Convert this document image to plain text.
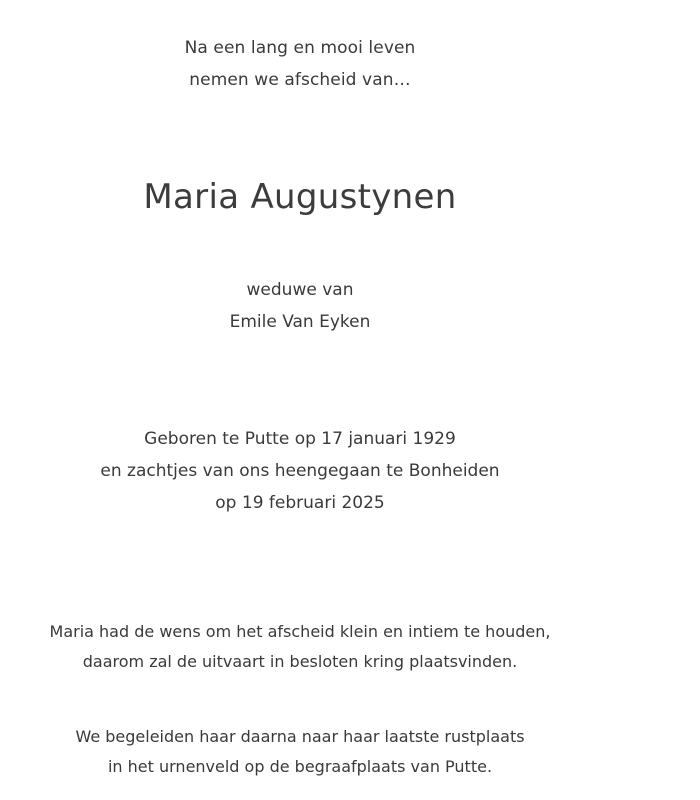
Na een lang en mooi leven
nemen we afscheid van…
Maria Augustynen
weduwe van
Emile Van Eyken
Geboren te Putte op 17 januari 1929
en zachtjes van ons heengegaan te Bonheiden
op 19 februari 2025
Maria had de wens om het afscheid klein en intiem te houden,
daarom zal de uitvaart in besloten kring plaatsvinden.
We begeleiden haar daarna naar haar laatste rustplaats
in het urnenveld op de begraafplaats van Putte.
